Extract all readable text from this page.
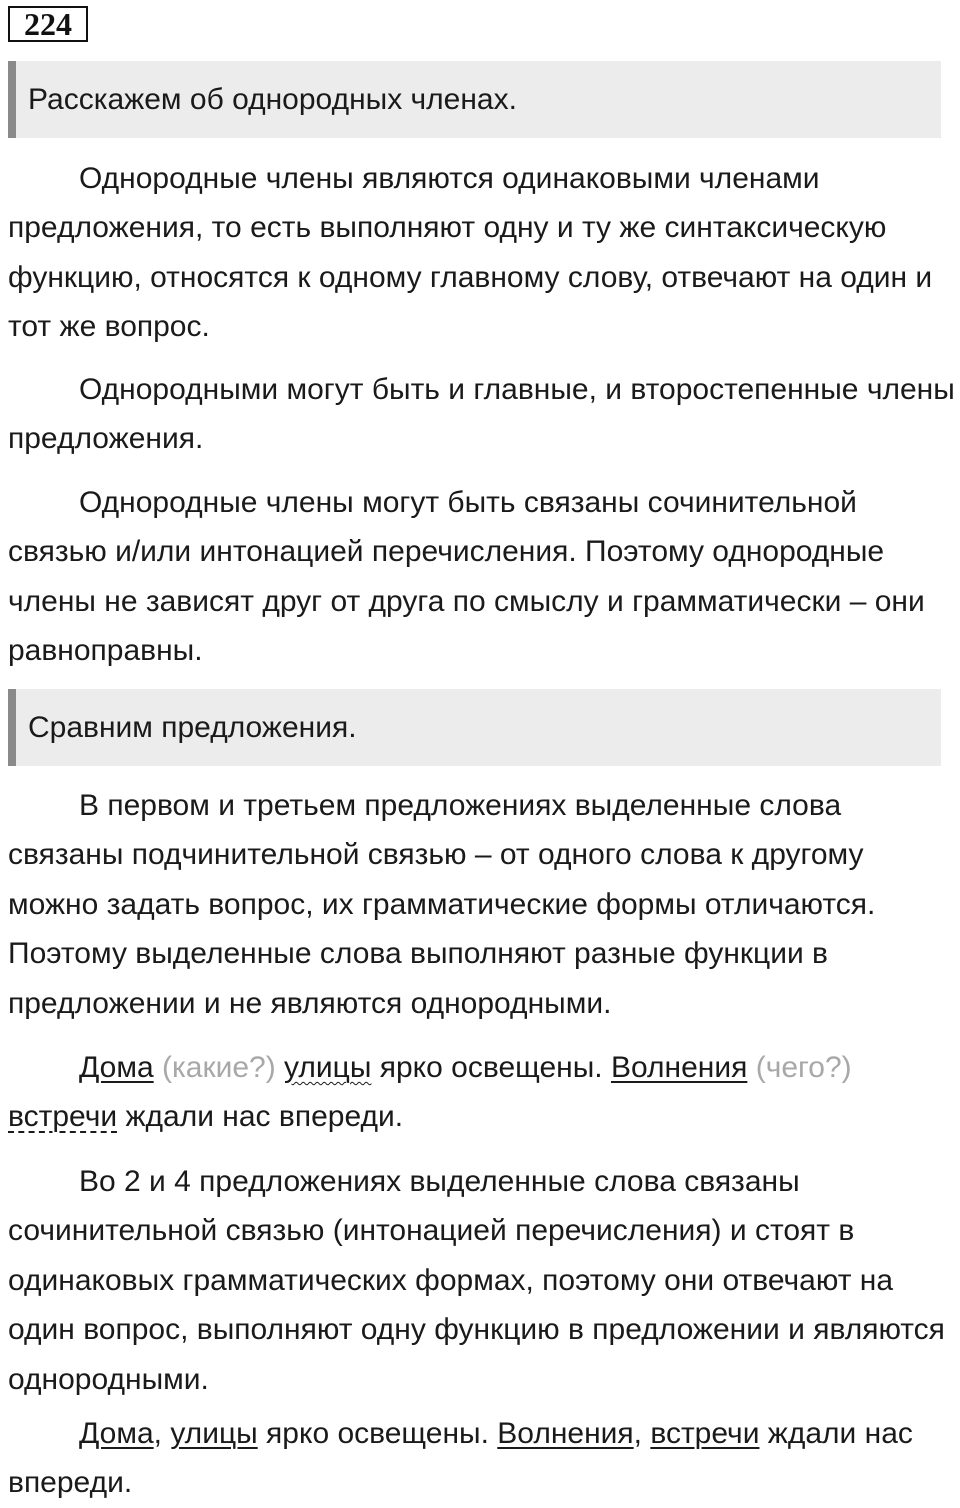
224
Расскажем об однородных членах.

Однородные члены являются одинаковыми членами предложения, то есть выполняют одну и ту же синтаксическую функцию, относятся к одному главному слову, отвечают на один и тот же вопрос.

Однородными могут быть и главные, и второстепенные члены предложения.

Однородные члены могут быть связаны сочинительной связью и/или интонацией перечисления. Поэтому однородные члены не зависят друг от друга по смыслу и грамматически – они равноправны.

Сравним предложения.

В первом и третьем предложениях выделенные слова связаны подчинительной связью – от одного слова к другому можно задать вопрос, их грамматические формы отличаются. Поэтому выделенные слова выполняют разные функции в предложении и не являются однородными.

Дома (какие?) улицы ярко освещены. Волнения (чего?) встречи ждали нас впереди.

Во 2 и 4 предложениях выделенные слова связаны сочинительной связью (интонацией перечисления) и стоят в одинаковых грамматических формах, поэтому они отвечают на один вопрос, выполняют одну функцию в предложении и являются однородными.

Дома, улицы ярко освещены. Волнения, встречи ждали нас впереди.
